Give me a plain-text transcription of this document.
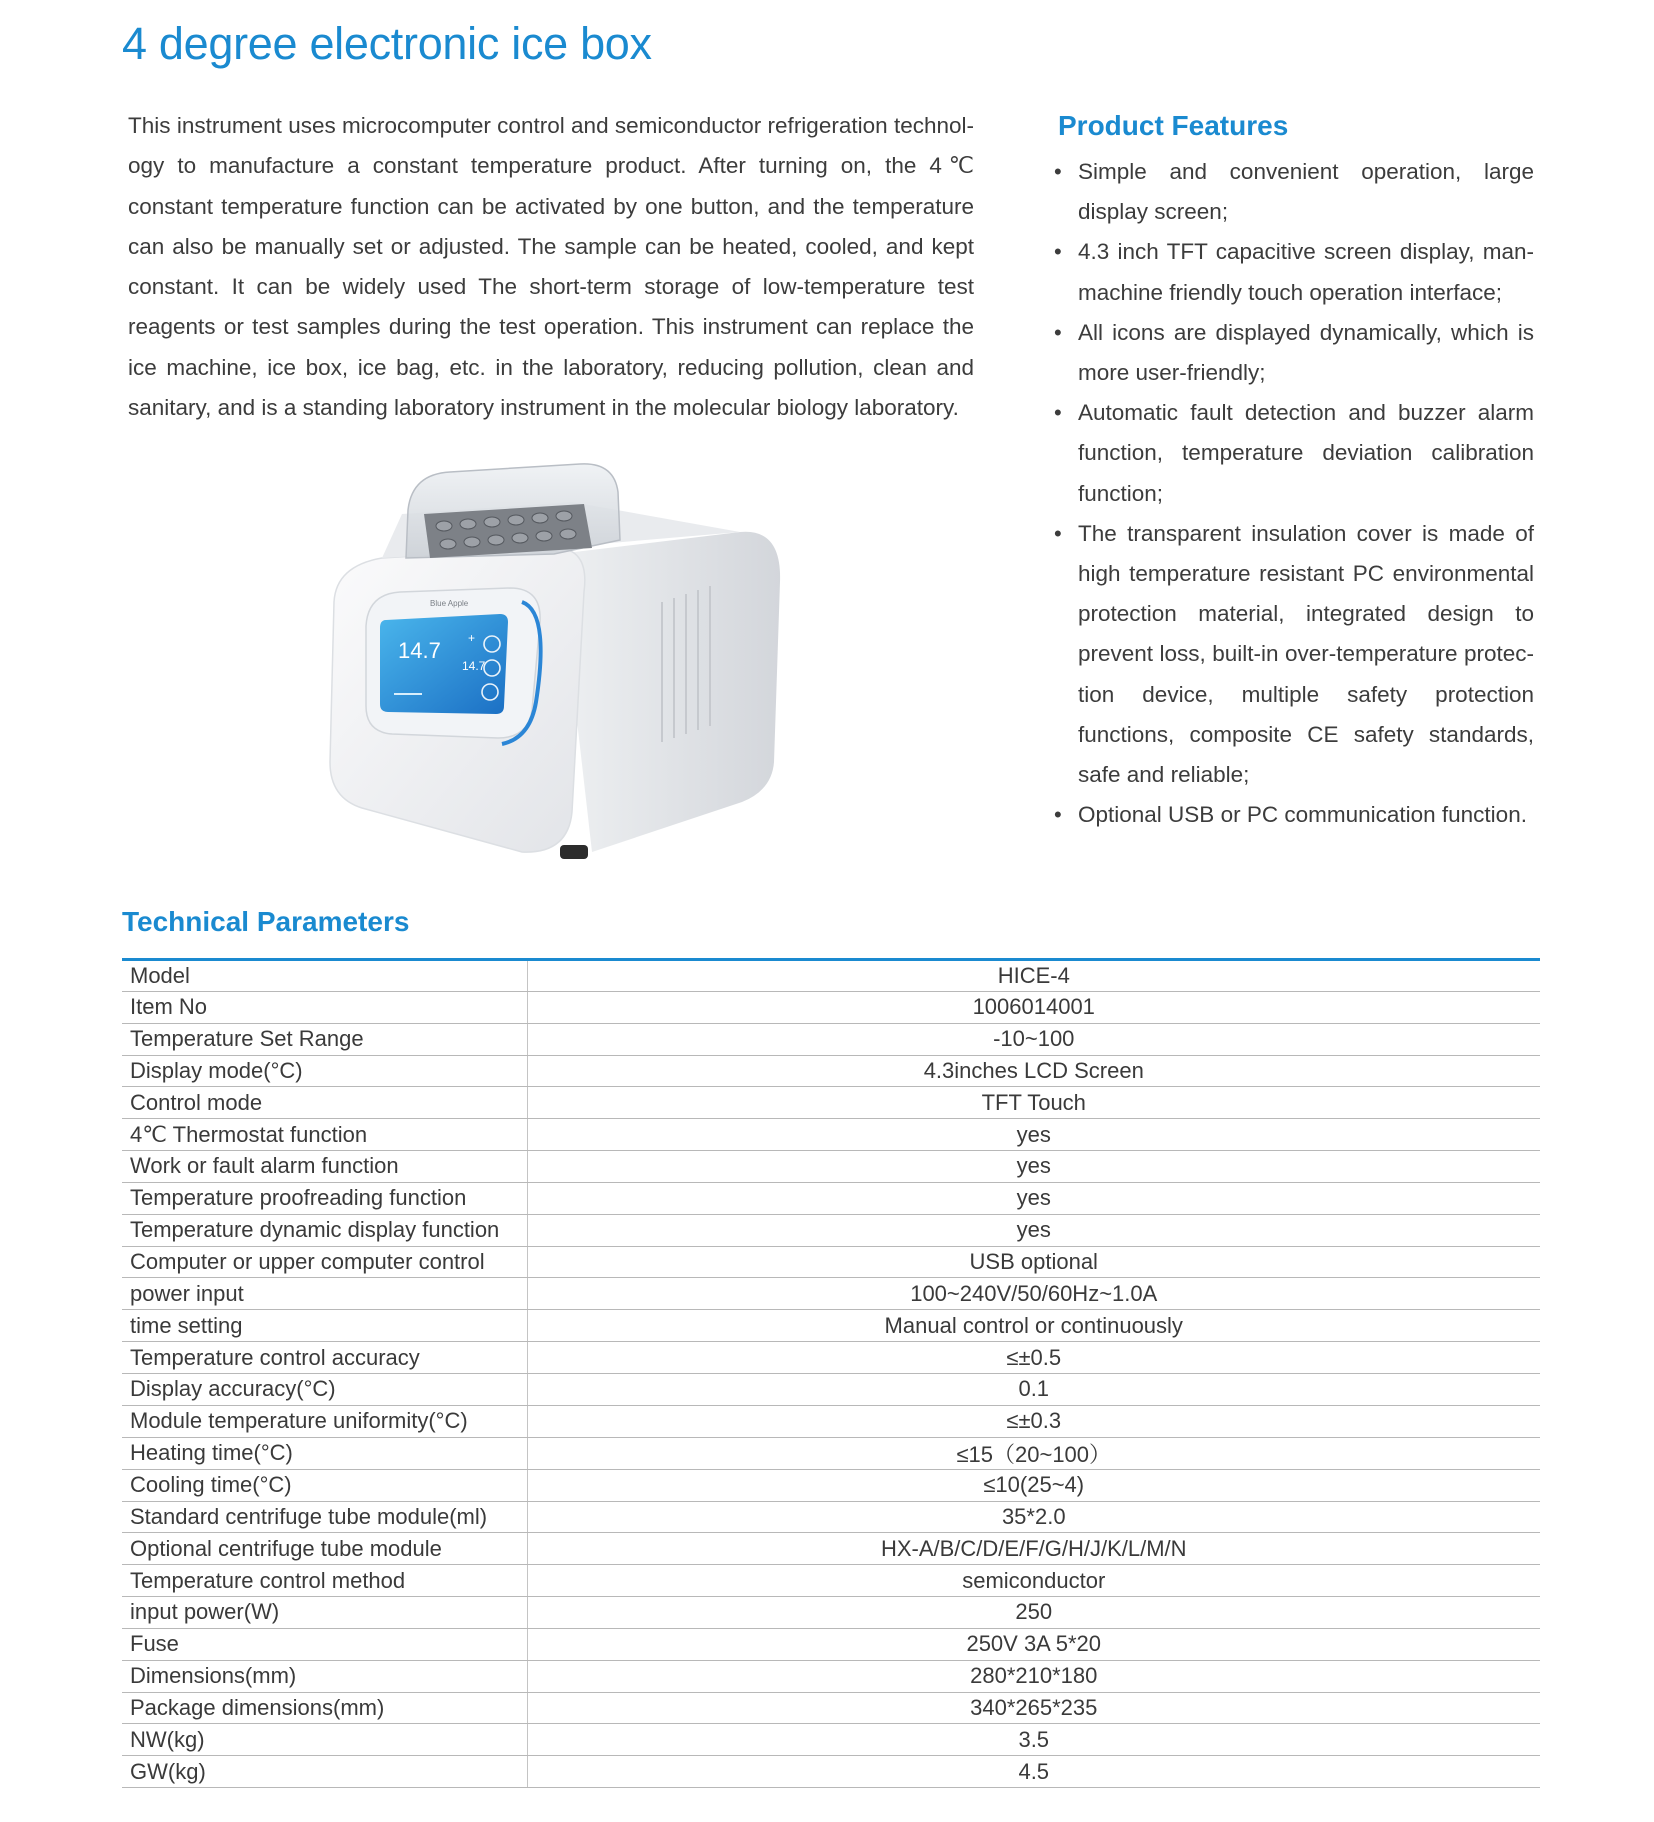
4 degree electronic ice box

This instrument uses microcomputer control and semiconductor refrigeration technol-ogy to manufacture a constant temperature product. After turning on, the 4℃ constant temperature function can be activated by one button, and the temperature can also be manually set or adjusted. The sample can be heated, cooled, and kept constant. It can be widely used The short-term storage of low-temperature test reagents or test samples during the test operation. This instrument can replace the ice machine, ice box, ice bag, etc. in the laboratory, reducing pollution, clean and sanitary, and is a standing laboratory instrument in the molecular biology laboratory.

Blue Apple
14.7
14.7
+
Product Features
• Simple and convenient operation, large display screen;
• 4.3 inch TFT capacitive screen display, man-machine friendly touch operation interface;
• All icons are displayed dynamically, which is more user-friendly;
• Automatic fault detection and buzzer alarm function, temperature deviation calibration function;
• The transparent insulation cover is made of high temperature resistant PC environmental protection material, integrated design to prevent loss, built-in over-temperature protec-tion device, multiple safety protection functions, composite CE safety standards, safe and reliable;
• Optional USB or PC communication function.
Technical Parameters
Model	HICE-4
Item No	1006014001
Temperature Set Range	-10~100
Display mode(°C)	4.3inches LCD Screen
Control mode	TFT Touch
4℃ Thermostat function	yes
Work or fault alarm function	yes
Temperature proofreading function	yes
Temperature dynamic display function	yes
Computer or upper computer control	USB optional
power input	100~240V/50/60Hz~1.0A
time setting	Manual control or continuously
Temperature control accuracy	≤±0.5
Display accuracy(°C)	0.1
Module temperature uniformity(°C)	≤±0.3
Heating time(°C)	≤15（20~100）
Cooling time(°C)	≤10(25~4)
Standard centrifuge tube module(ml)	35*2.0
Optional centrifuge tube module	HX-A/B/C/D/E/F/G/H/J/K/L/M/N
Temperature control method	semiconductor
input power(W)	250
Fuse	250V 3A 5*20
Dimensions(mm)	280*210*180
Package dimensions(mm)	340*265*235
NW(kg)	3.5
GW(kg)	4.5
